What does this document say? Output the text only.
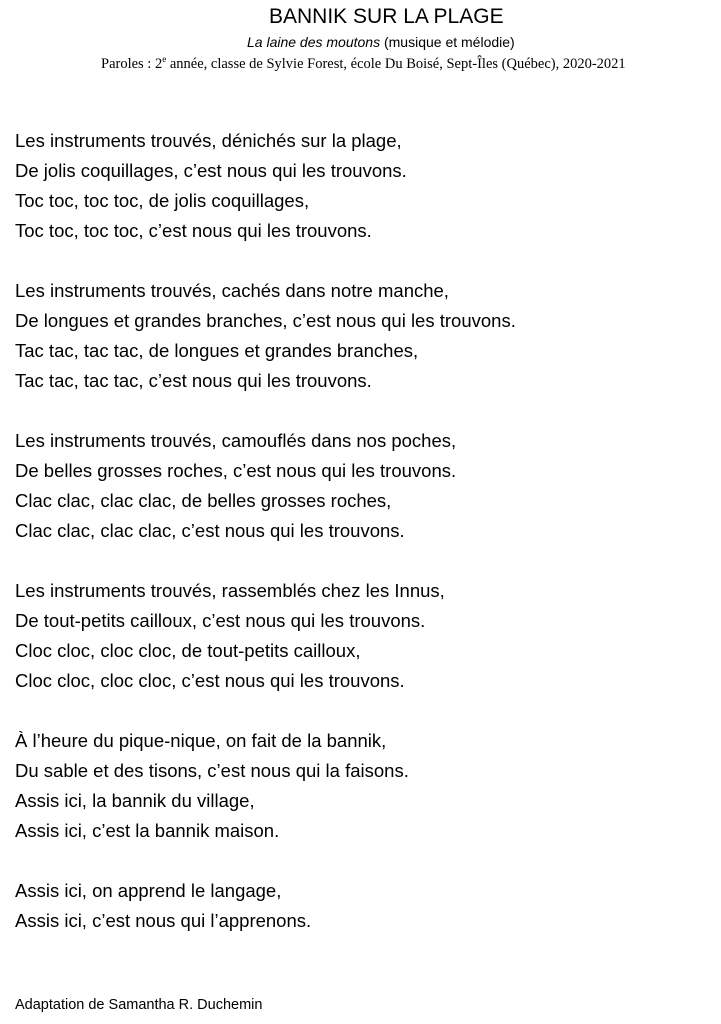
BANNIK SUR LA PLAGE
La laine des moutons (musique et mélodie)
Paroles : 2e année, classe de Sylvie Forest, école Du Boisé, Sept-Îles (Québec), 2020-2021
Les instruments trouvés, dénichés sur la plage,
De jolis coquillages, c’est nous qui les trouvons.
Toc toc, toc toc, de jolis coquillages,
Toc toc, toc toc, c’est nous qui les trouvons.
Les instruments trouvés, cachés dans notre manche,
De longues et grandes branches, c’est nous qui les trouvons.
Tac tac, tac tac, de longues et grandes branches,
Tac tac, tac tac, c’est nous qui les trouvons.
Les instruments trouvés, camouflés dans nos poches,
De belles grosses roches, c’est nous qui les trouvons.
Clac clac, clac clac, de belles grosses roches,
Clac clac, clac clac, c’est nous qui les trouvons.
Les instruments trouvés, rassemblés chez les Innus,
De tout-petits cailloux, c’est nous qui les trouvons.
Cloc cloc, cloc cloc, de tout-petits cailloux,
Cloc cloc, cloc cloc, c’est nous qui les trouvons.
À l’heure du pique-nique, on fait de la bannik,
Du sable et des tisons, c’est nous qui la faisons.
Assis ici, la bannik du village,
Assis ici, c’est la bannik maison.
Assis ici, on apprend le langage,
Assis ici, c’est nous qui l’apprenons.
Adaptation de Samantha R. Duchemin
